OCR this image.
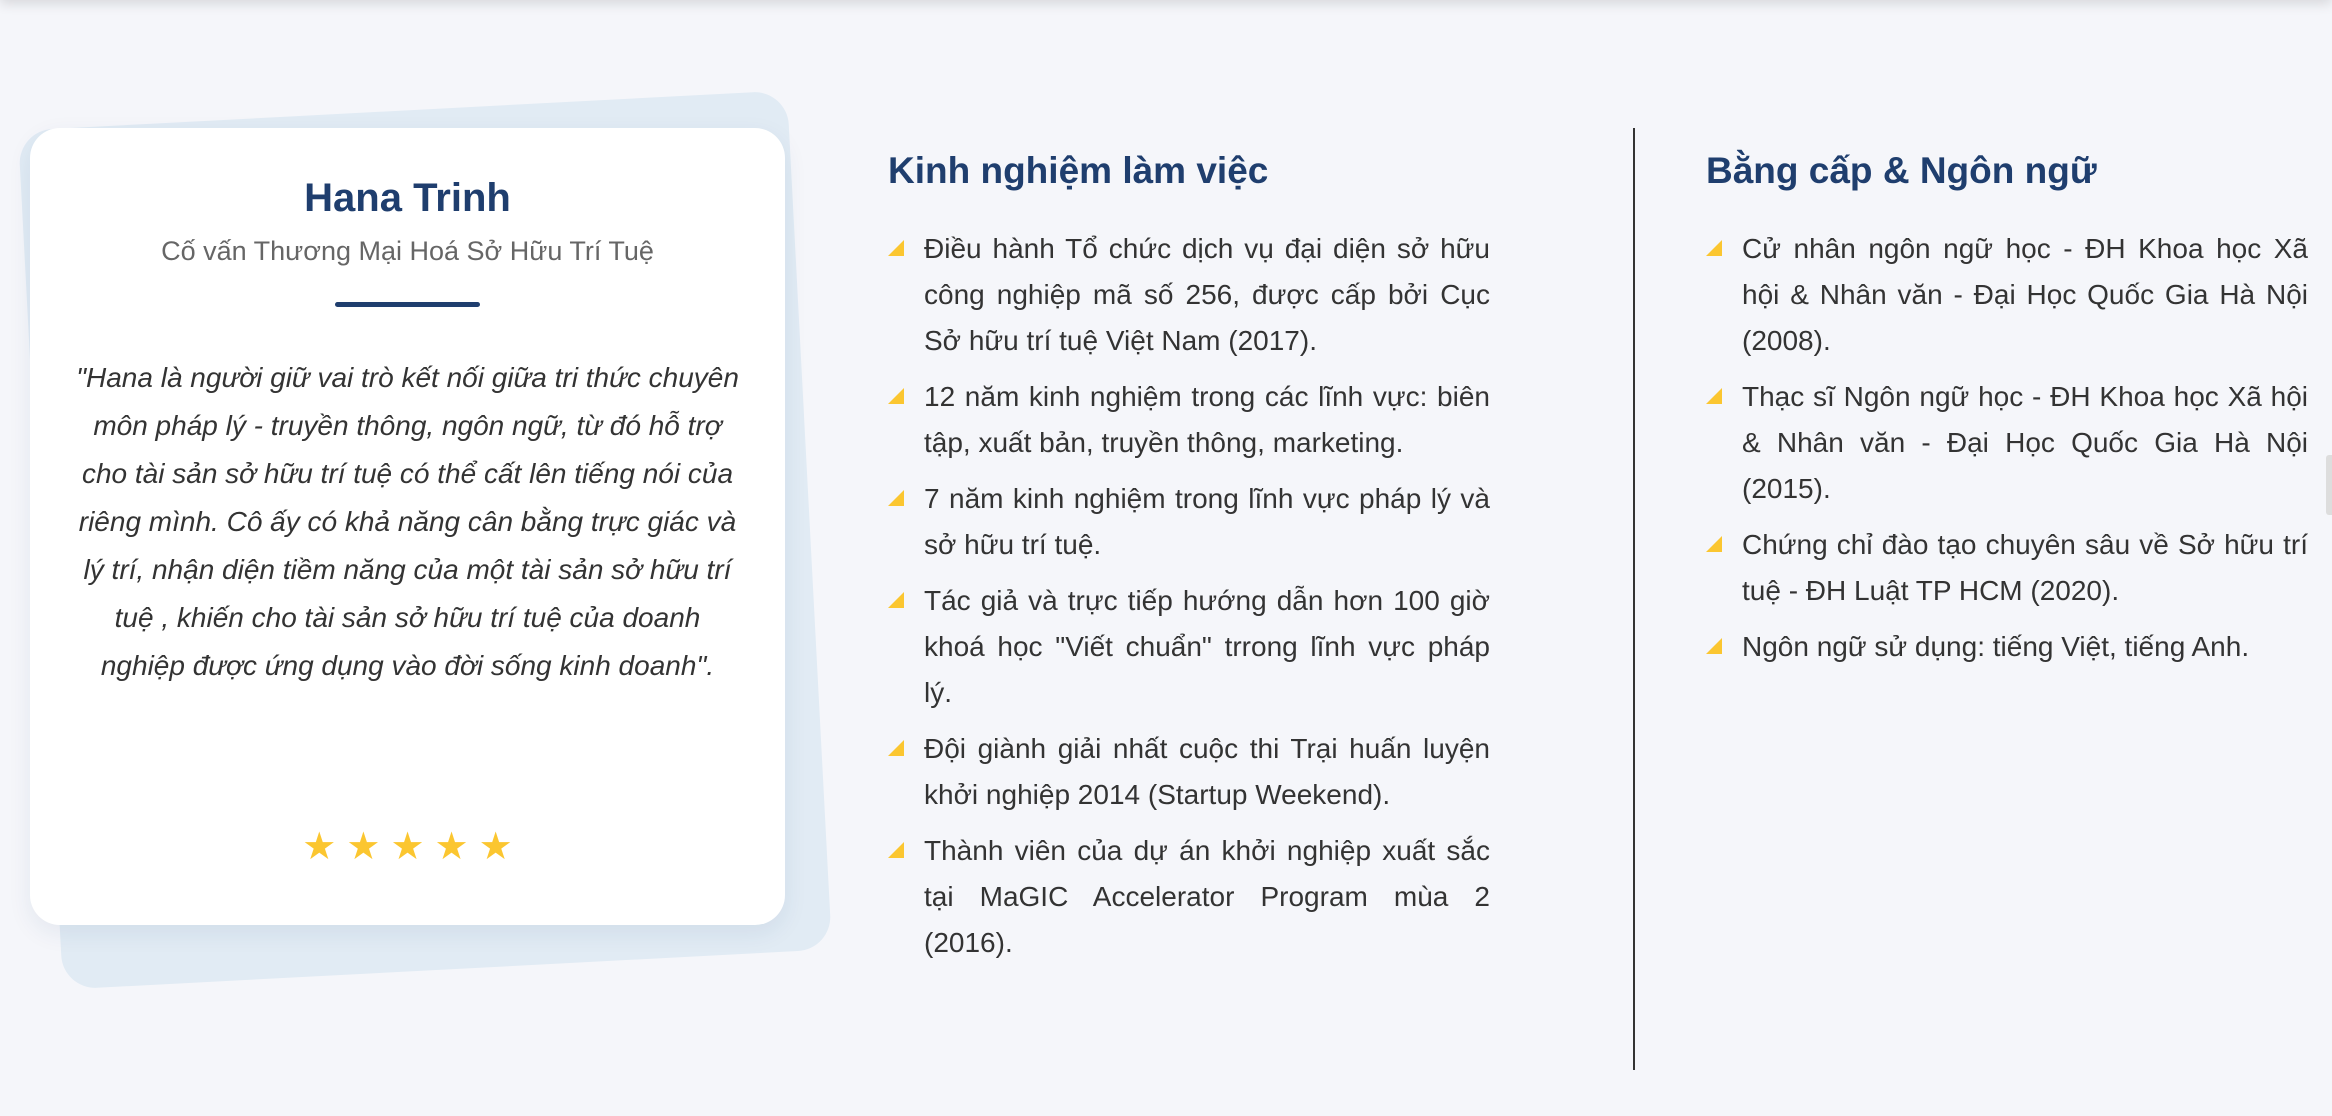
Hana Trinh
Cố vấn Thương Mại Hoá Sở Hữu Trí Tuệ
"Hana là người giữ vai trò kết nối giữa tri thức chuyên môn pháp lý - truyền thông, ngôn ngữ, từ đó hỗ trợ cho tài sản sở hữu trí tuệ có thể cất lên tiếng nói của riêng mình. Cô ấy có khả năng cân bằng trực giác và lý trí, nhận diện tiềm năng của một tài sản sở hữu trí tuệ , khiến cho tài sản sở hữu trí tuệ của doanh nghiệp được ứng dụng vào đời sống kinh doanh".
★ ★ ★ ★ ★
Kinh nghiệm làm việc
Điều hành Tổ chức dịch vụ đại diện sở hữu công nghiệp mã số 256, được cấp bởi Cục Sở hữu trí tuệ Việt Nam (2017).
12 năm kinh nghiệm trong các lĩnh vực: biên tập, xuất bản, truyền thông, marketing.
7 năm kinh nghiệm trong lĩnh vực pháp lý và sở hữu trí tuệ.
Tác giả và trực tiếp hướng dẫn hơn 100 giờ khoá học "Viết chuẩn" trrong lĩnh vực pháp lý.
Đội giành giải nhất cuộc thi Trại huấn luyện khởi nghiệp 2014 (Startup Weekend).
Thành viên của dự án khởi nghiệp xuất sắc tại MaGIC Accelerator Program mùa 2 (2016).
Bằng cấp & Ngôn ngữ
Cử nhân ngôn ngữ học - ĐH Khoa học Xã hội & Nhân văn - Đại Học Quốc Gia Hà Nội (2008).
Thạc sĩ Ngôn ngữ học - ĐH Khoa học Xã hội & Nhân văn - Đại Học Quốc Gia Hà Nội (2015).
Chứng chỉ đào tạo chuyên sâu về Sở hữu trí tuệ - ĐH Luật TP HCM (2020).
Ngôn ngữ sử dụng: tiếng Việt, tiếng Anh.
